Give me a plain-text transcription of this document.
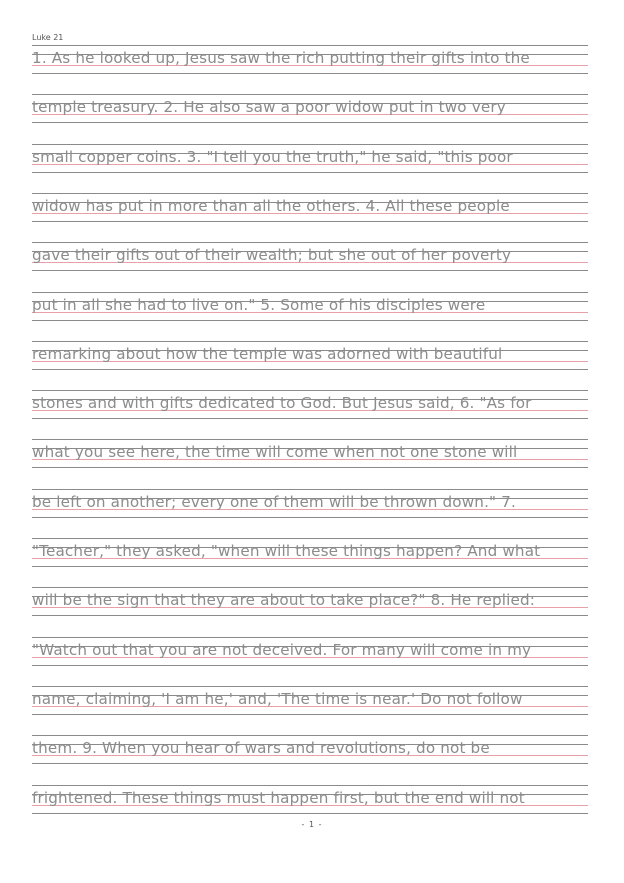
Luke 21
1. As he looked up, Jesus saw the rich putting their gifts into the
temple treasury. 2. He also saw a poor widow put in two very
small copper coins. 3. "I tell you the truth," he said, "this poor
widow has put in more than all the others. 4. All these people
gave their gifts out of their wealth; but she out of her poverty
put in all she had to live on." 5. Some of his disciples were
remarking about how the temple was adorned with beautiful
stones and with gifts dedicated to God. But Jesus said, 6. "As for
what you see here, the time will come when not one stone will
be left on another; every one of them will be thrown down." 7.
"Teacher," they asked, "when will these things happen? And what
will be the sign that they are about to take place?" 8. He replied:
"Watch out that you are not deceived. For many will come in my
name, claiming, 'I am he,' and, 'The time is near.' Do not follow
them. 9. When you hear of wars and revolutions, do not be
frightened. These things must happen first, but the end will not
- 1 -
